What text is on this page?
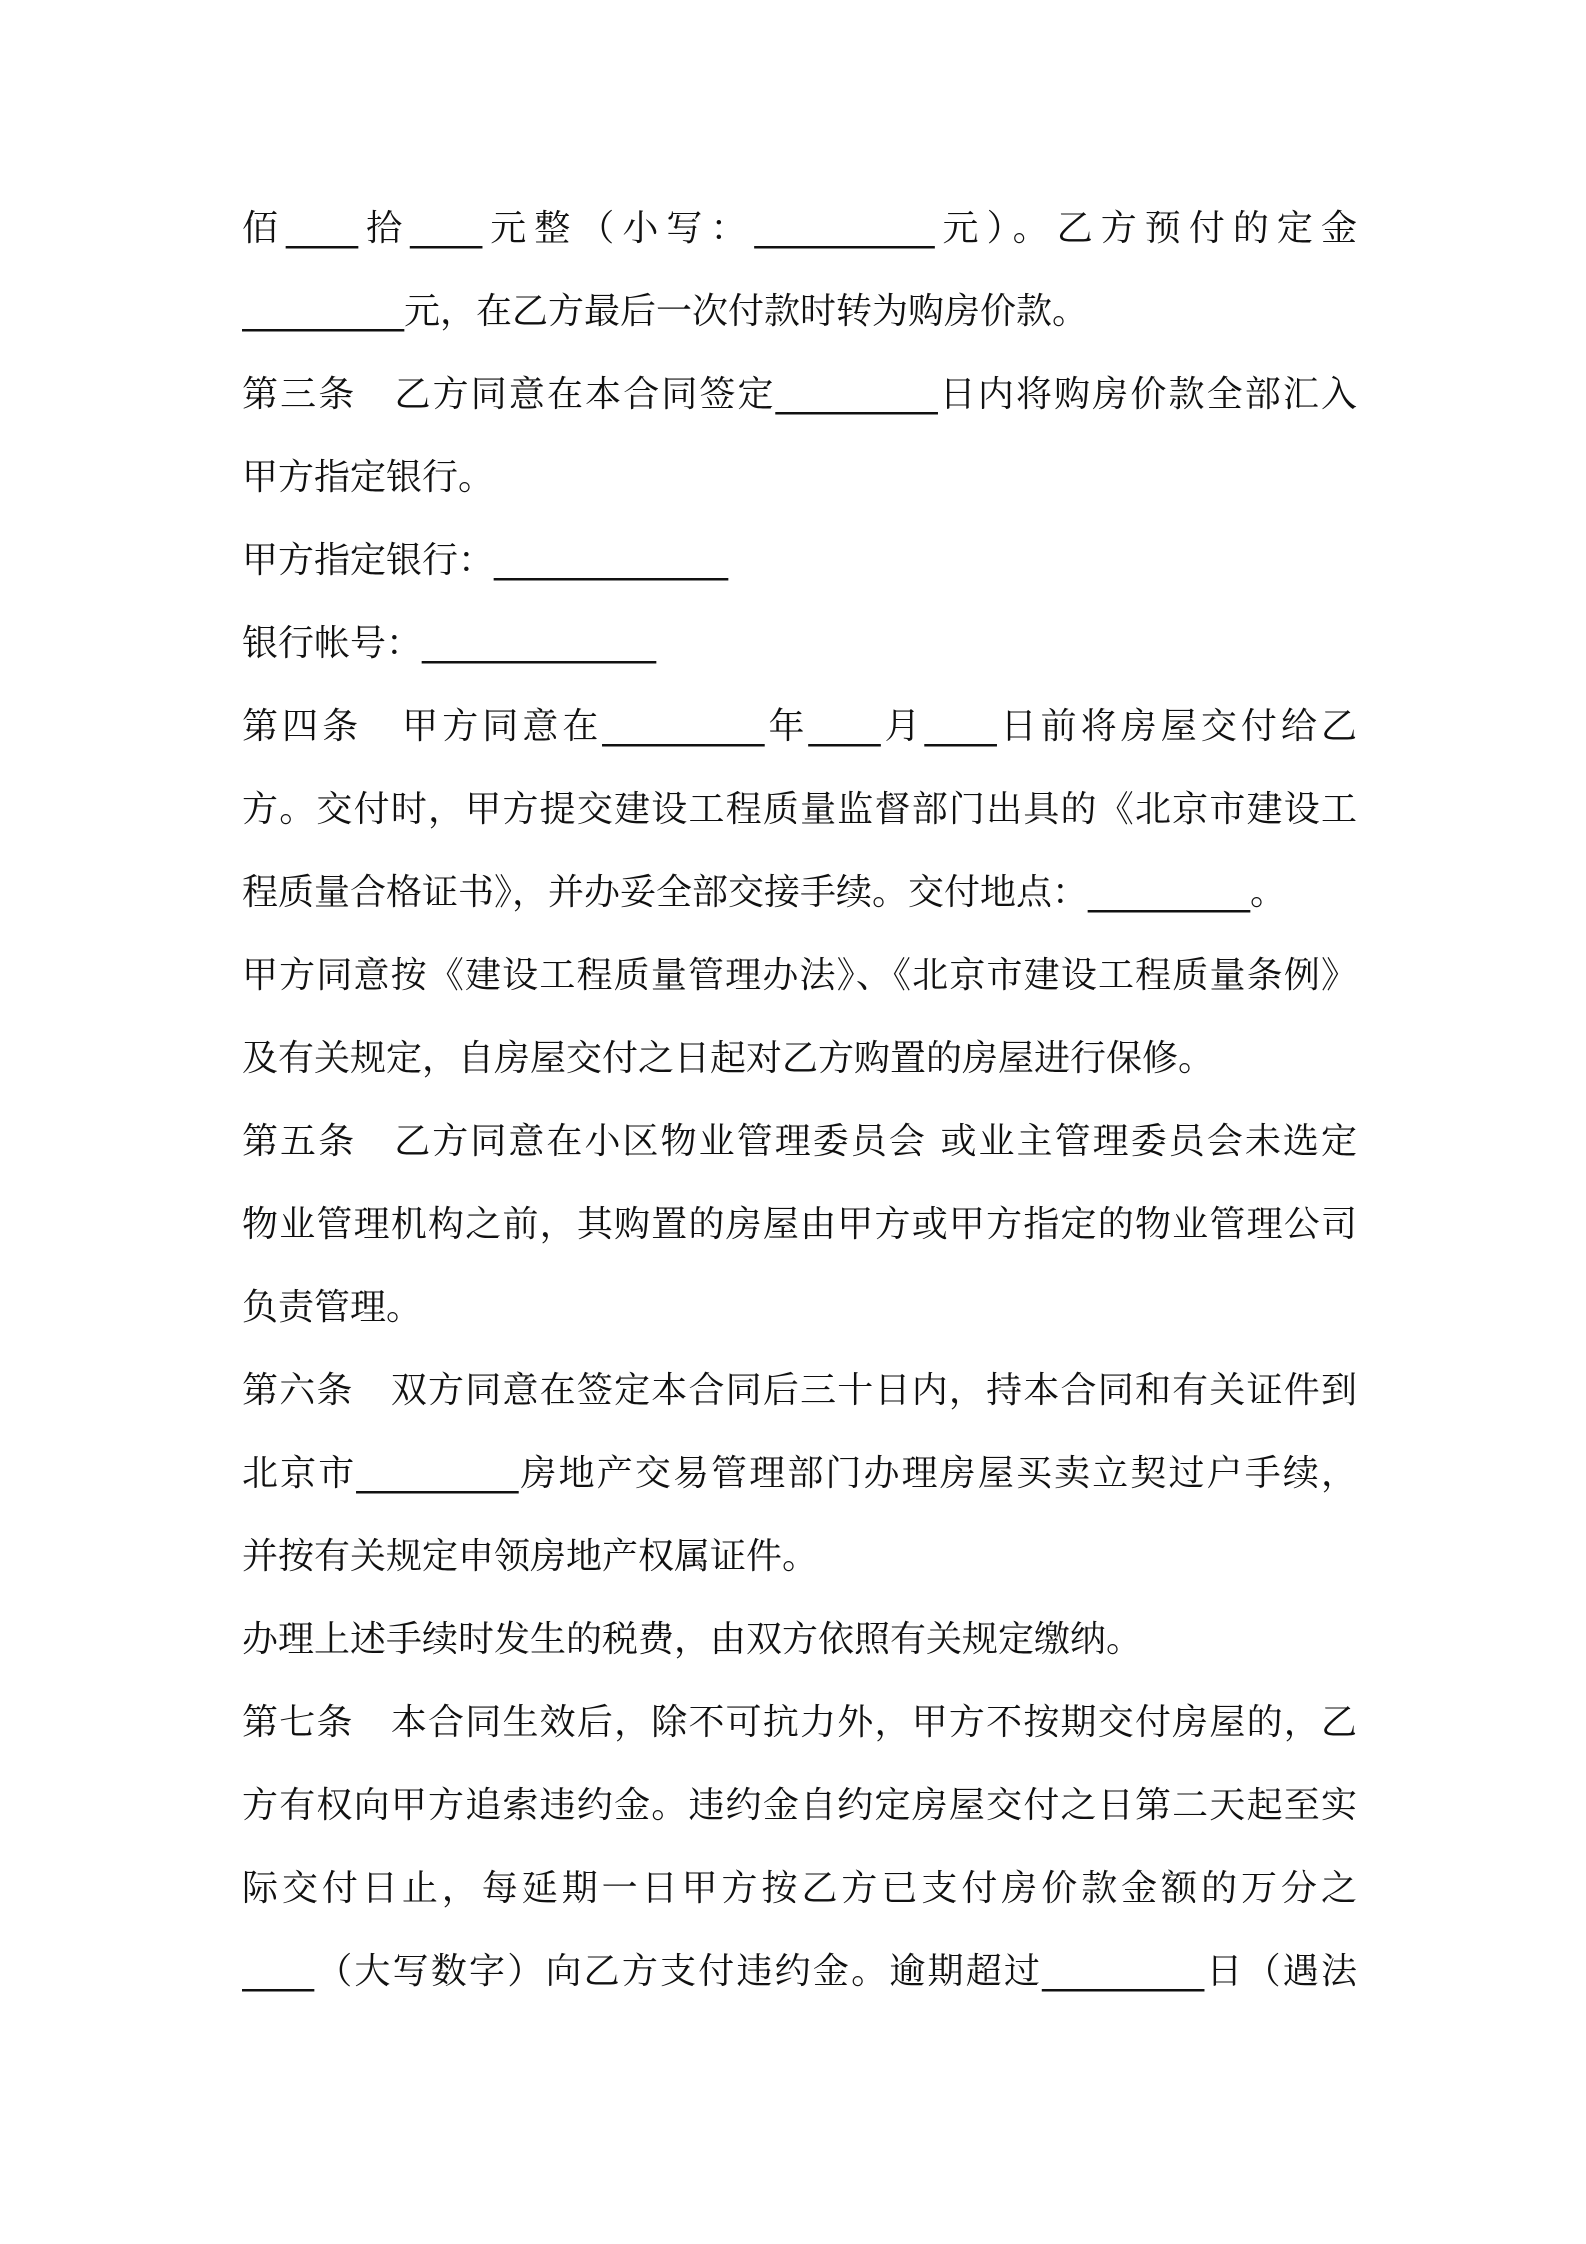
佰____拾____元整（小写：__________元）。乙方预付的定金
_________元，在乙方最后一次付款时转为购房价款。
第三条　乙方同意在本合同签定_________日内将购房价款全部汇入
甲方指定银行。
甲方指定银行：_____________
银行帐号：_____________
第四条　甲方同意在_________年____月____日前将房屋交付给乙
方。交付时，甲方提交建设工程质量监督部门出具的《北京市建设工
程质量合格证书》，并办妥全部交接手续。交付地点：_________。
甲方同意按《建设工程质量管理办法》、《北京市建设工程质量条例》
及有关规定，自房屋交付之日起对乙方购置的房屋进行保修。
第五条　乙方同意在小区物业管理委员会 或业主管理委员会未选定
物业管理机构之前，其购置的房屋由甲方或甲方指定的物业管理公司
负责管理。
第六条　双方同意在签定本合同后三十日内，持本合同和有关证件到
北京市_________房地产交易管理部门办理房屋买卖立契过户手续，
并按有关规定申领房地产权属证件。
办理上述手续时发生的税费，由双方依照有关规定缴纳。
第七条　本合同生效后，除不可抗力外，甲方不按期交付房屋的，乙
方有权向甲方追索违约金。违约金自约定房屋交付之日第二天起至实
际交付日止，每延期一日甲方按乙方已支付房价款金额的万分之
____（大写数字）向乙方支付违约金。逾期超过_________日（遇法
